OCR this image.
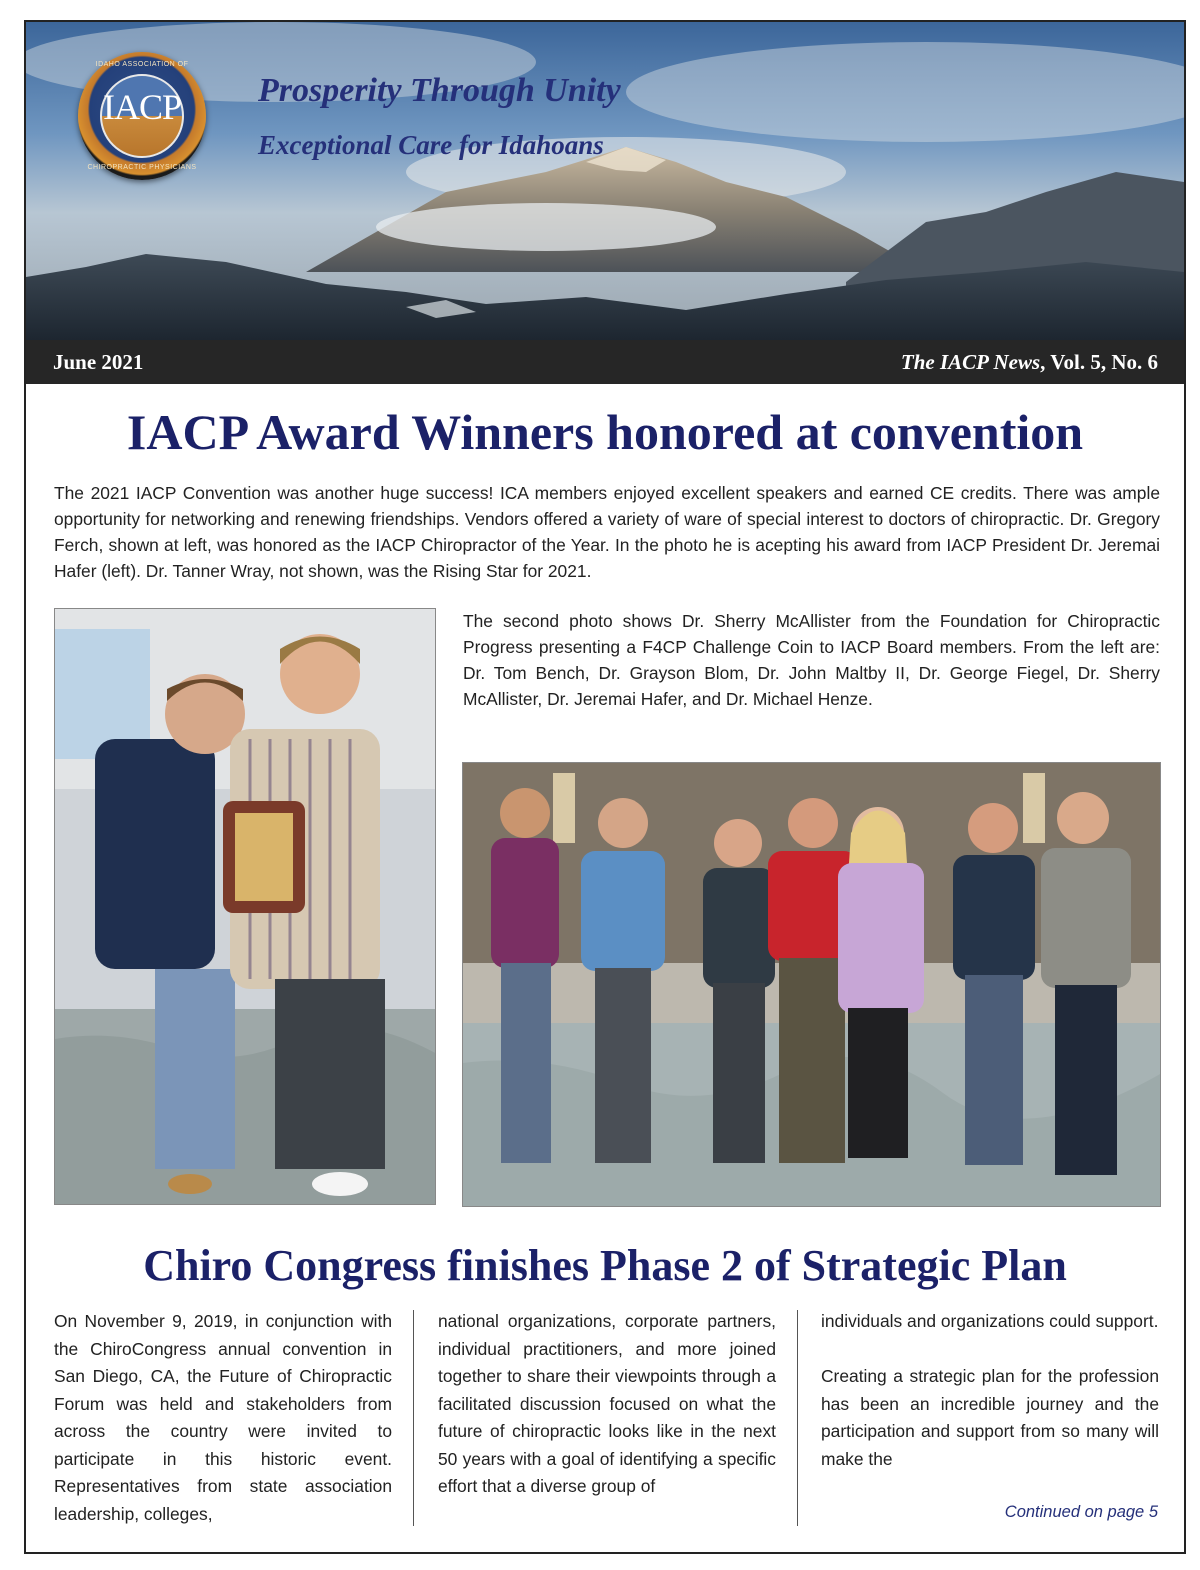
IDAHO ASSOCIATION OF
IACP
CHIROPRACTIC PHYSICIANS
Prosperity Through Unity
Exceptional Care for Idahoans
June 2021	The IACP News, Vol. 5, No. 6
IACP Award Winners honored at convention
The 2021 IACP Convention was another huge success! ICA members enjoyed excellent speakers and earned CE credits. There was ample opportunity for networking and renewing friendships. Vendors offered a variety of ware of special interest to doctors of chiropractic. Dr. Gregory Ferch, shown at left, was honored as the IACP Chiropractor of the Year. In the photo he is acepting his award from IACP President Dr. Jeremai Hafer (left). Dr. Tanner Wray, not shown, was the Rising Star for 2021.
The second photo shows Dr. Sherry McAllister from the Foundation for Chiropractic Progress presenting a F4CP Challenge Coin to IACP Board members. From the left are: Dr. Tom Bench, Dr. Grayson Blom, Dr. John Maltby II, Dr. George Fiegel, Dr. Sherry McAllister, Dr. Jeremai Hafer, and Dr. Michael Henze.
Chiro Congress finishes Phase 2 of Strategic Plan

On November 9, 2019, in conjunction with the ChiroCongress annual convention in San Diego, CA, the Future of Chiropractic Forum was held and stakeholders from across the country were invited to participate in this historic event. Representatives from state association leadership, colleges,

national organizations, corporate partners, individual practitioners, and more joined together to share their viewpoints through a facilitated discussion focused on what the future of chiropractic looks like in the next 50 years with a goal of identifying a specific effort that a diverse group of

individuals and organizations could support.

Creating a strategic plan for the profession has been an incredible journey and the participation and support from so many will make the

Continued on page 5
